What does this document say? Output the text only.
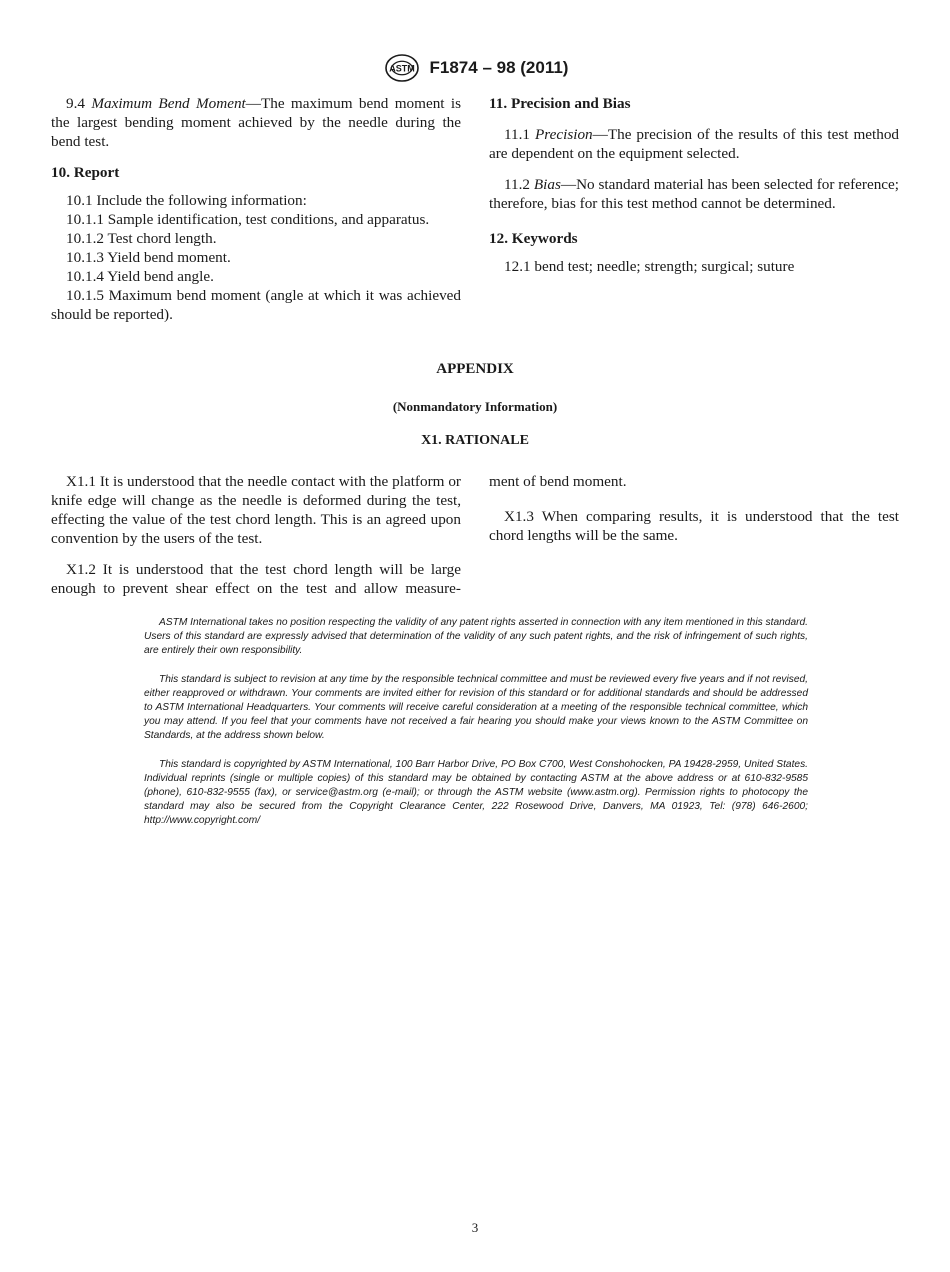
ASTM F1874 – 98 (2011)

9.4 Maximum Bend Moment—The maximum bend moment is the largest bending moment achieved by the needle during the bend test.

10. Report

10.1 Include the following information:

10.1.1 Sample identification, test conditions, and apparatus.

10.1.2 Test chord length.

10.1.3 Yield bend moment.

10.1.4 Yield bend angle.

10.1.5 Maximum bend moment (angle at which it was achieved should be reported).

11. Precision and Bias

11.1 Precision—The precision of the results of this test method are dependent on the equipment selected.

11.2 Bias—No standard material has been selected for reference; therefore, bias for this test method cannot be determined.

12. Keywords

12.1 bend test; needle; strength; surgical; suture

APPENDIX
(Nonmandatory Information)
X1. RATIONALE

X1.1 It is understood that the needle contact with the platform or knife edge will change as the needle is deformed during the test, effecting the value of the test chord length. This is an agreed upon convention by the users of the test.

X1.2 It is understood that the test chord length will be large enough to prevent shear effect on the test and allow measure-

ment of bend moment.

X1.3 When comparing results, it is understood that the test chord lengths will be the same.

ASTM International takes no position respecting the validity of any patent rights asserted in connection with any item mentioned in this standard. Users of this standard are expressly advised that determination of the validity of any such patent rights, and the risk of infringement of such rights, are entirely their own responsibility.

This standard is subject to revision at any time by the responsible technical committee and must be reviewed every five years and if not revised, either reapproved or withdrawn. Your comments are invited either for revision of this standard or for additional standards and should be addressed to ASTM International Headquarters. Your comments will receive careful consideration at a meeting of the responsible technical committee, which you may attend. If you feel that your comments have not received a fair hearing you should make your views known to the ASTM Committee on Standards, at the address shown below.

This standard is copyrighted by ASTM International, 100 Barr Harbor Drive, PO Box C700, West Conshohocken, PA 19428-2959, United States. Individual reprints (single or multiple copies) of this standard may be obtained by contacting ASTM at the above address or at 610-832-9585 (phone), 610-832-9555 (fax), or service@astm.org (e-mail); or through the ASTM website (www.astm.org). Permission rights to photocopy the standard may also be secured from the Copyright Clearance Center, 222 Rosewood Drive, Danvers, MA 01923, Tel: (978) 646-2600; http://www.copyright.com/

3
